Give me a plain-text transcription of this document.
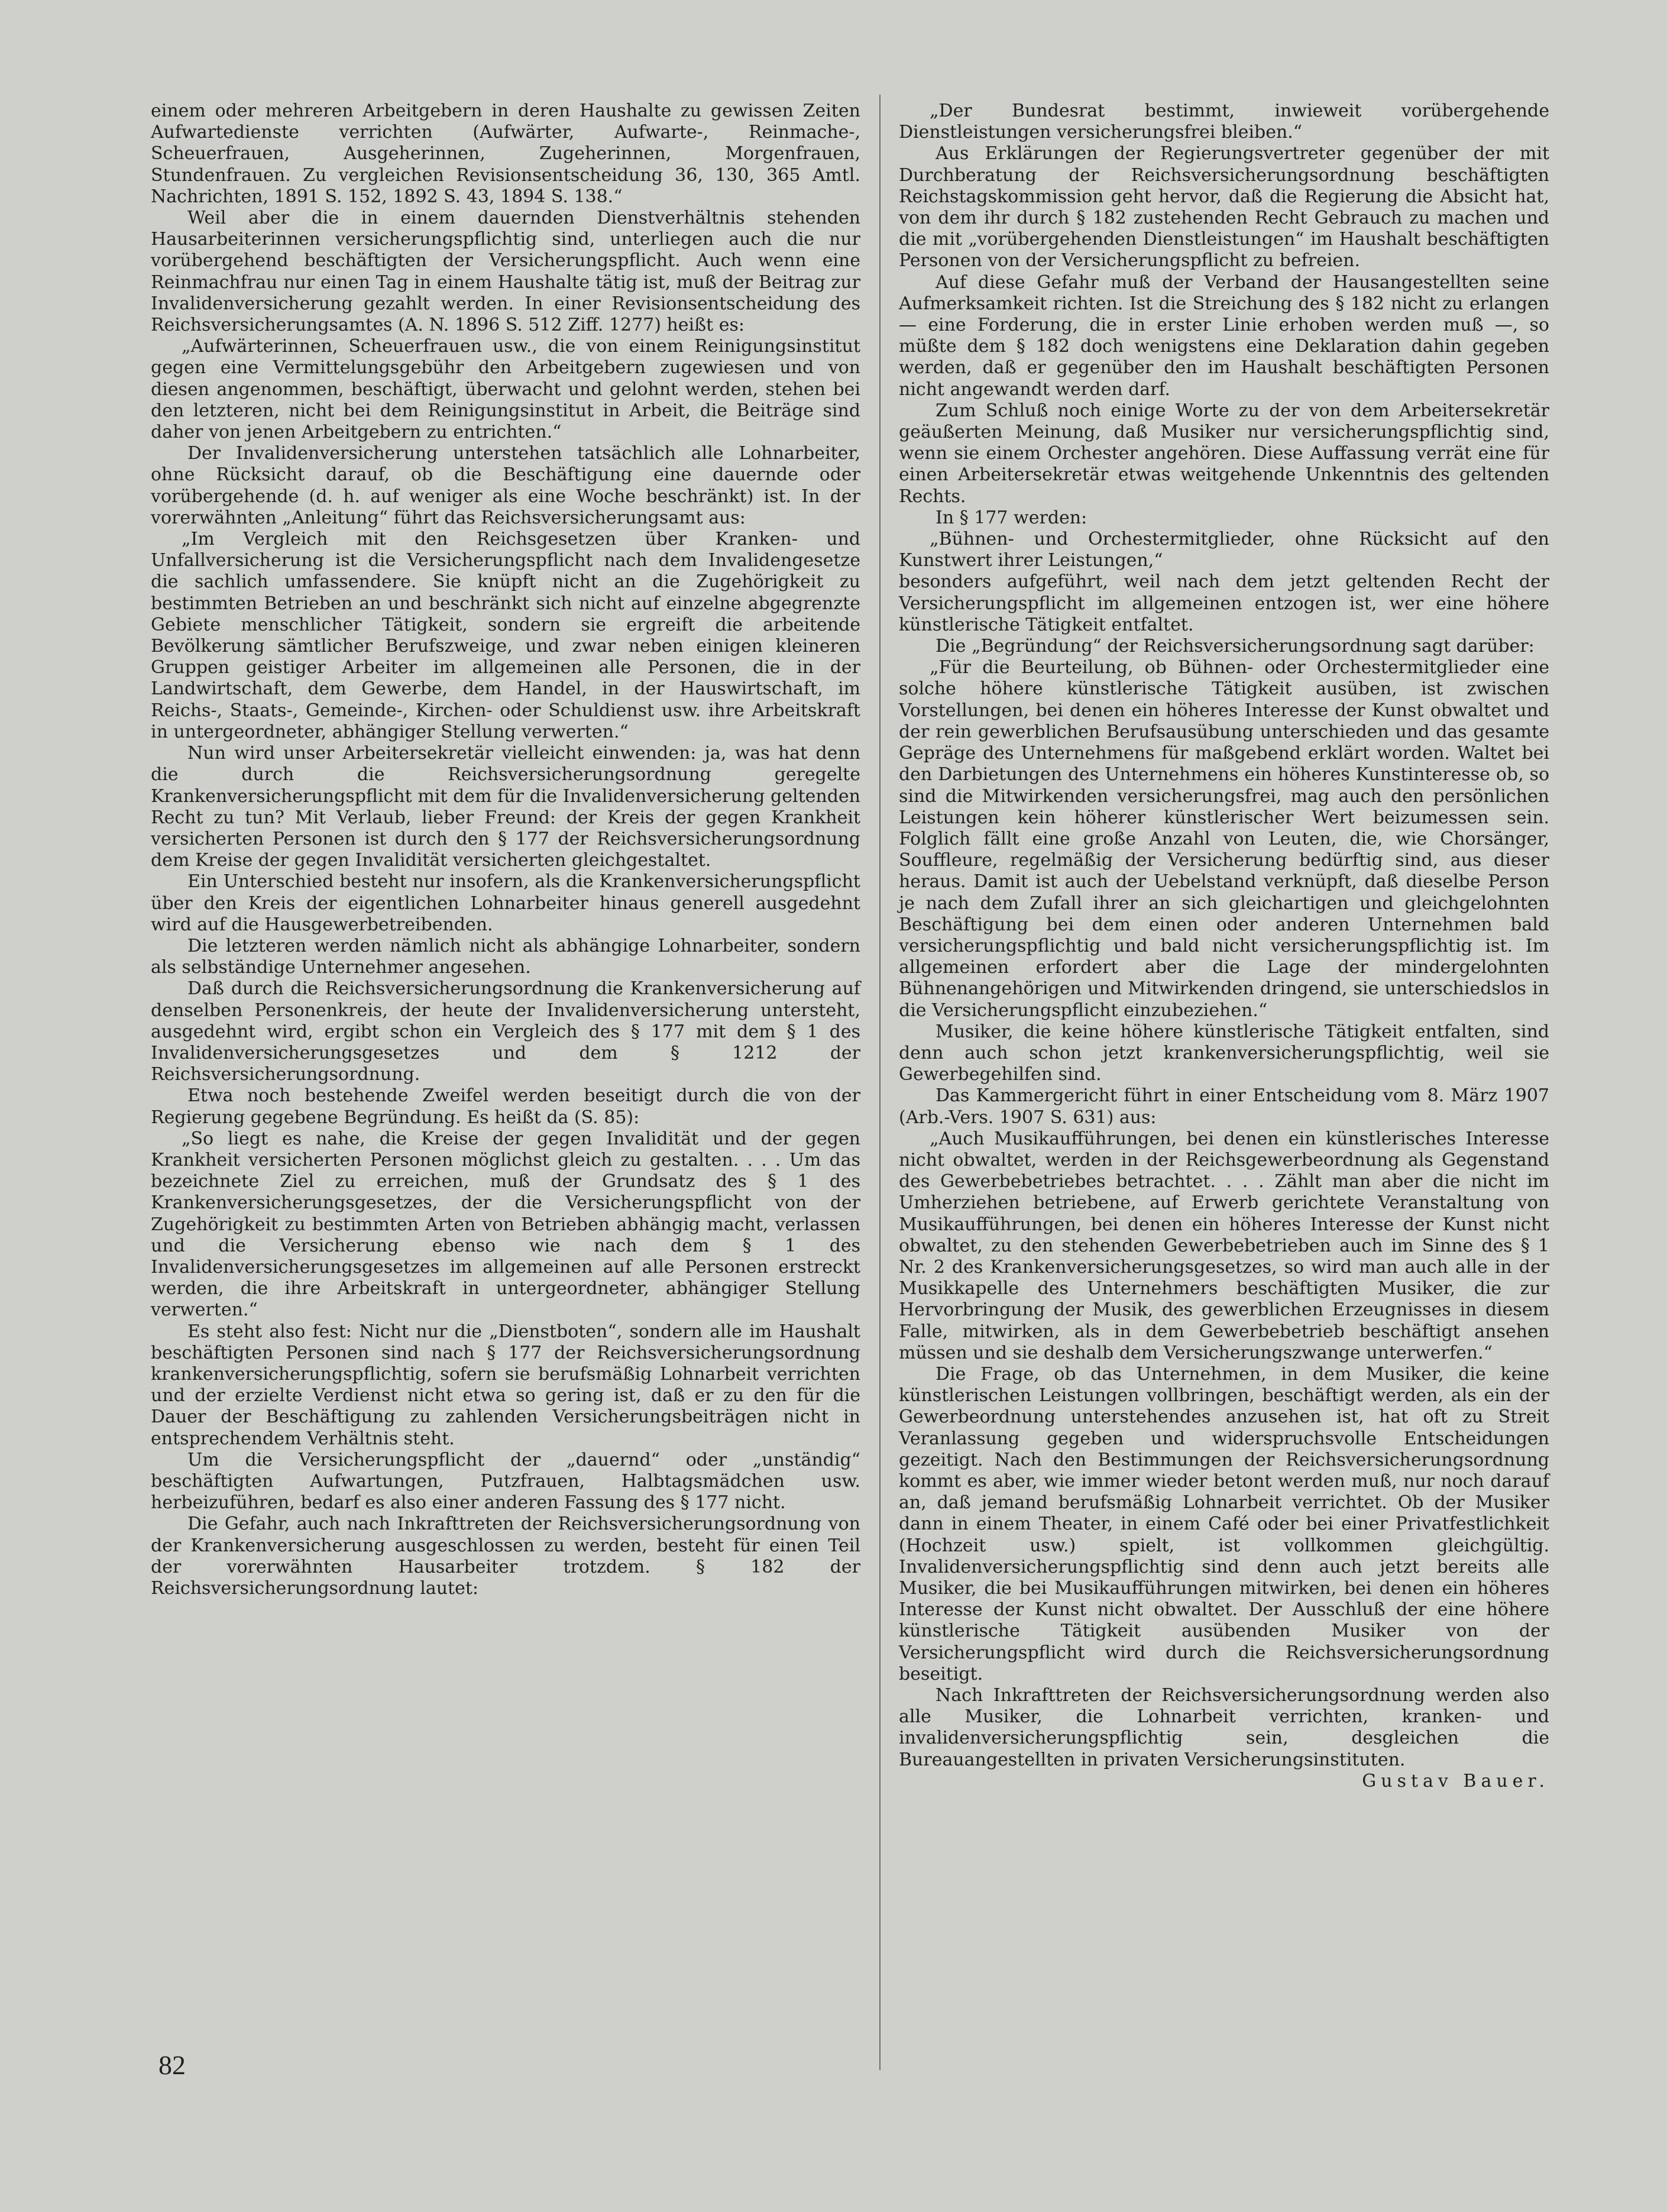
einem oder mehreren Arbeitgebern in deren Haushalte zu gewissen Zeiten Aufwartedienste verrichten (Aufwärter, Aufwarte-, Reinmache-, Scheuerfrauen, Ausgeherinnen, Zugeherinnen, Morgenfrauen, Stundenfrauen. Zu vergleichen Revisionsentscheidung 36, 130, 365 Amtl. Nachrichten, 1891 S. 152, 1892 S. 43, 1894 S. 138.“

Weil aber die in einem dauernden Dienstverhältnis stehenden Hausarbeiterinnen versicherungspflichtig sind, unterliegen auch die nur vorübergehend beschäftigten der Versicherungspflicht. Auch wenn eine Reinmachfrau nur einen Tag in einem Haushalte tätig ist, muß der Beitrag zur Invalidenversicherung gezahlt werden. In einer Revisionsentscheidung des Reichsversicherungsamtes (A. N. 1896 S. 512 Ziff. 1277) heißt es:

„Aufwärterinnen, Scheuerfrauen usw., die von einem Reinigungsinstitut gegen eine Vermittelungsgebühr den Arbeitgebern zugewiesen und von diesen angenommen, beschäftigt, überwacht und gelohnt werden, stehen bei den letzteren, nicht bei dem Reinigungsinstitut in Arbeit, die Beiträge sind daher von jenen Arbeitgebern zu entrichten.“

Der Invalidenversicherung unterstehen tatsächlich alle Lohnarbeiter, ohne Rücksicht darauf, ob die Beschäftigung eine dauernde oder vorübergehende (d. h. auf weniger als eine Woche beschränkt) ist. In der vorerwähnten „Anleitung“ führt das Reichsversicherungsamt aus:

„Im Vergleich mit den Reichsgesetzen über Kranken- und Unfallversicherung ist die Versicherungspflicht nach dem Invalidengesetze die sachlich umfassendere. Sie knüpft nicht an die Zugehörigkeit zu bestimmten Betrieben an und beschränkt sich nicht auf einzelne abgegrenzte Gebiete menschlicher Tätigkeit, sondern sie ergreift die arbeitende Bevölkerung sämtlicher Berufszweige, und zwar neben einigen kleineren Gruppen geistiger Arbeiter im allgemeinen alle Personen, die in der Landwirtschaft, dem Gewerbe, dem Handel, in der Hauswirtschaft, im Reichs-, Staats-, Gemeinde-, Kirchen- oder Schuldienst usw. ihre Arbeitskraft in untergeordneter, abhängiger Stellung verwerten.“

Nun wird unser Arbeitersekretär vielleicht einwenden: ja, was hat denn die durch die Reichsversicherungsordnung geregelte Krankenversicherungspflicht mit dem für die Invalidenversicherung geltenden Recht zu tun? Mit Verlaub, lieber Freund: der Kreis der gegen Krankheit versicherten Personen ist durch den § 177 der Reichsversicherungsordnung dem Kreise der gegen Invalidität versicherten gleichgestaltet.

Ein Unterschied besteht nur insofern, als die Krankenversicherungspflicht über den Kreis der eigentlichen Lohnarbeiter hinaus generell ausgedehnt wird auf die Hausgewerbetreibenden.

Die letzteren werden nämlich nicht als abhängige Lohnarbeiter, sondern als selbständige Unternehmer angesehen.

Daß durch die Reichsversicherungsordnung die Krankenversicherung auf denselben Personenkreis, der heute der Invalidenversicherung untersteht, ausgedehnt wird, ergibt schon ein Vergleich des § 177 mit dem § 1 des Invalidenversicherungsgesetzes und dem § 1212 der Reichsversicherungsordnung.

Etwa noch bestehende Zweifel werden beseitigt durch die von der Regierung gegebene Begründung. Es heißt da (S. 85):

„So liegt es nahe, die Kreise der gegen Invalidität und der gegen Krankheit versicherten Personen möglichst gleich zu gestalten. . . . Um das bezeichnete Ziel zu erreichen, muß der Grundsatz des § 1 des Krankenversicherungsgesetzes, der die Versicherungspflicht von der Zugehörigkeit zu bestimmten Arten von Betrieben abhängig macht, verlassen und die Versicherung ebenso wie nach dem § 1 des Invalidenversicherungsgesetzes im allgemeinen auf alle Personen erstreckt werden, die ihre Arbeitskraft in untergeordneter, abhängiger Stellung verwerten.“

Es steht also fest: Nicht nur die „Dienstboten“, sondern alle im Haushalt beschäftigten Personen sind nach § 177 der Reichsversicherungsordnung krankenversicherungspflichtig, sofern sie berufsmäßig Lohnarbeit verrichten und der erzielte Verdienst nicht etwa so gering ist, daß er zu den für die Dauer der Beschäftigung zu zahlenden Versicherungsbeiträgen nicht in entsprechendem Verhältnis steht.

Um die Versicherungspflicht der „dauernd“ oder „unständig“ beschäftigten Aufwartungen, Putzfrauen, Halbtagsmädchen usw. herbeizuführen, bedarf es also einer anderen Fassung des § 177 nicht.

Die Gefahr, auch nach Inkrafttreten der Reichsversicherungsordnung von der Krankenversicherung ausgeschlossen zu werden, besteht für einen Teil der vorerwähnten Hausarbeiter trotzdem. § 182 der Reichsversicherungsordnung lautet:

„Der Bundesrat bestimmt, inwieweit vorübergehende Dienstleistungen versicherungsfrei bleiben.“

Aus Erklärungen der Regierungsvertreter gegenüber der mit Durchberatung der Reichsversicherungsordnung beschäftigten Reichstagskommission geht hervor, daß die Regierung die Absicht hat, von dem ihr durch § 182 zustehenden Recht Gebrauch zu machen und die mit „vorübergehenden Dienstleistungen“ im Haushalt beschäftigten Personen von der Versicherungspflicht zu befreien.

Auf diese Gefahr muß der Verband der Hausangestellten seine Aufmerksamkeit richten. Ist die Streichung des § 182 nicht zu erlangen — eine Forderung, die in erster Linie erhoben werden muß —, so müßte dem § 182 doch wenigstens eine Deklaration dahin gegeben werden, daß er gegenüber den im Haushalt beschäftigten Personen nicht angewandt werden darf.

Zum Schluß noch einige Worte zu der von dem Arbeitersekretär geäußerten Meinung, daß Musiker nur versicherungspflichtig sind, wenn sie einem Orchester angehören. Diese Auffassung verrät eine für einen Arbeitersekretär etwas weitgehende Unkenntnis des geltenden Rechts.

In § 177 werden:

„Bühnen- und Orchestermitglieder, ohne Rücksicht auf den Kunstwert ihrer Leistungen,“

besonders aufgeführt, weil nach dem jetzt geltenden Recht der Versicherungspflicht im allgemeinen entzogen ist, wer eine höhere künstlerische Tätigkeit entfaltet.

Die „Begründung“ der Reichsversicherungsordnung sagt darüber:

„Für die Beurteilung, ob Bühnen- oder Orchestermitglieder eine solche höhere künstlerische Tätigkeit ausüben, ist zwischen Vorstellungen, bei denen ein höheres Interesse der Kunst obwaltet und der rein gewerblichen Berufsausübung unterschieden und das gesamte Gepräge des Unternehmens für maßgebend erklärt worden. Waltet bei den Darbietungen des Unternehmens ein höheres Kunstinteresse ob, so sind die Mitwirkenden versicherungsfrei, mag auch den persönlichen Leistungen kein höherer künstlerischer Wert beizumessen sein. Folglich fällt eine große Anzahl von Leuten, die, wie Chorsänger, Souffleure, regelmäßig der Versicherung bedürftig sind, aus dieser heraus. Damit ist auch der Uebelstand verknüpft, daß dieselbe Person je nach dem Zufall ihrer an sich gleichartigen und gleichgelohnten Beschäftigung bei dem einen oder anderen Unternehmen bald versicherungspflichtig und bald nicht versicherungspflichtig ist. Im allgemeinen erfordert aber die Lage der mindergelohnten Bühnenangehörigen und Mitwirkenden dringend, sie unterschiedslos in die Versicherungspflicht einzubeziehen.“

Musiker, die keine höhere künstlerische Tätigkeit entfalten, sind denn auch schon jetzt krankenversicherungspflichtig, weil sie Gewerbegehilfen sind.

Das Kammergericht führt in einer Entscheidung vom 8. März 1907 (Arb.-Vers. 1907 S. 631) aus:

„Auch Musikaufführungen, bei denen ein künstlerisches Interesse nicht obwaltet, werden in der Reichsgewerbeordnung als Gegenstand des Gewerbebetriebes betrachtet. . . . Zählt man aber die nicht im Umherziehen betriebene, auf Erwerb gerichtete Veranstaltung von Musikaufführungen, bei denen ein höheres Interesse der Kunst nicht obwaltet, zu den stehenden Gewerbebetrieben auch im Sinne des § 1 Nr. 2 des Krankenversicherungsgesetzes, so wird man auch alle in der Musikkapelle des Unternehmers beschäftigten Musiker, die zur Hervorbringung der Musik, des gewerblichen Erzeugnisses in diesem Falle, mitwirken, als in dem Gewerbebetrieb beschäftigt ansehen müssen und sie deshalb dem Versicherungszwange unterwerfen.“

Die Frage, ob das Unternehmen, in dem Musiker, die keine künstlerischen Leistungen vollbringen, beschäftigt werden, als ein der Gewerbeordnung unterstehendes anzusehen ist, hat oft zu Streit Veranlassung gegeben und widerspruchsvolle Entscheidungen gezeitigt. Nach den Bestimmungen der Reichsversicherungsordnung kommt es aber, wie immer wieder betont werden muß, nur noch darauf an, daß jemand berufsmäßig Lohnarbeit verrichtet. Ob der Musiker dann in einem Theater, in einem Café oder bei einer Privatfestlichkeit (Hochzeit usw.) spielt, ist vollkommen gleichgültig. Invalidenversicherungspflichtig sind denn auch jetzt bereits alle Musiker, die bei Musikaufführungen mitwirken, bei denen ein höheres Interesse der Kunst nicht obwaltet. Der Ausschluß der eine höhere künstlerische Tätigkeit ausübenden Musiker von der Versicherungspflicht wird durch die Reichsversicherungsordnung beseitigt.

Nach Inkrafttreten der Reichsversicherungsordnung werden also alle Musiker, die Lohnarbeit verrichten, kranken- und invalidenversicherungspflichtig sein, desgleichen die Bureauangestellten in privaten Versicherungsinstituten.

Gustav Bauer.

82
